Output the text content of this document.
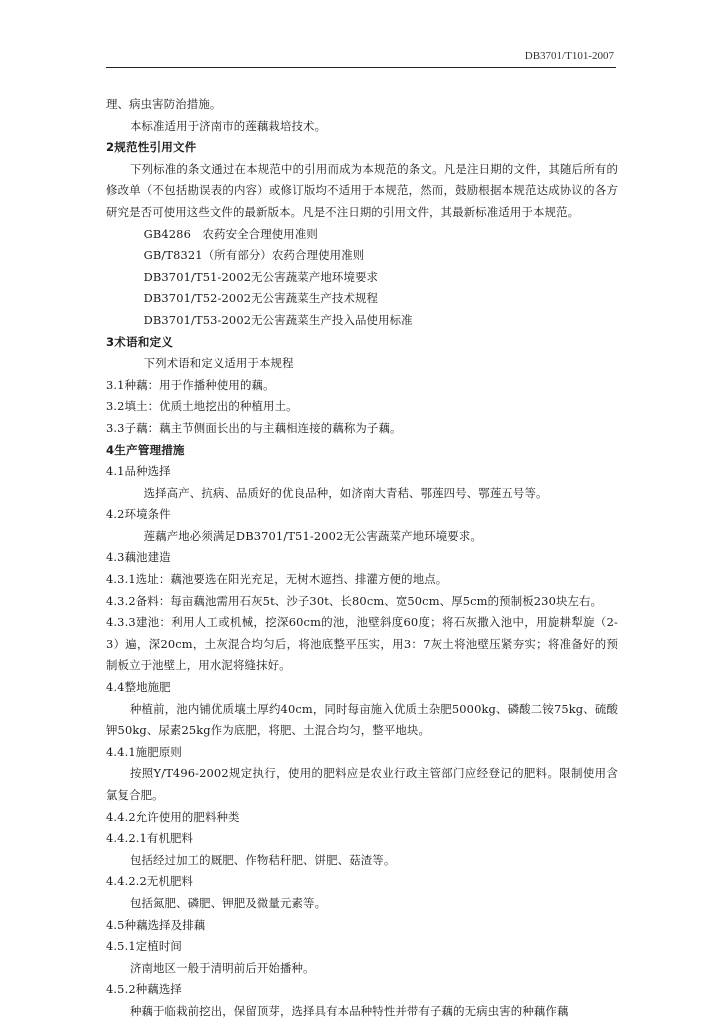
DB3701/T101-2007

理、病虫害防治措施。

本标准适用于济南市的莲藕栽培技术。

2规范性引用文件

下列标准的条文通过在本规范中的引用而成为本规范的条文。凡是注日期的文件，其随后所有的修改单（不包括勘误表的内容）或修订版均不适用于本规范，然而，鼓励根据本规范达成协议的各方研究是否可使用这些文件的最新版本。凡是不注日期的引用文件，其最新标准适用于本规范。

GB4286　农药安全合理使用准则

GB/T8321（所有部分）农药合理使用准则

DB3701/T51-2002无公害蔬菜产地环境要求

DB3701/T52-2002无公害蔬菜生产技术规程

DB3701/T53-2002无公害蔬菜生产投入品使用标准

3术语和定义

下列术语和定义适用于本规程

3.1种藕：用于作播种使用的藕。

3.2填土：优质土地挖出的种植用土。

3.3子藕：藕主节侧面长出的与主藕相连接的藕称为子藕。

4生产管理措施

4.1品种选择

选择高产、抗病、品质好的优良品种，如济南大青秸、鄂莲四号、鄂莲五号等。

4.2环境条件

莲藕产地必须满足DB3701/T51-2002无公害蔬菜产地环境要求。

4.3藕池建造

4.3.1选址：藕池要选在阳光充足，无树木遮挡、排灌方便的地点。

4.3.2备料：每亩藕池需用石灰5t、沙子30t、长80cm、宽50cm、厚5cm的预制板230块左右。

4.3.3建池：利用人工或机械，挖深60cm的池，池壁斜度60度；将石灰撒入池中，用旋耕犁旋（2-3）遍，深20cm，土灰混合均匀后，将池底整平压实，用3：7灰土将池壁压紧夯实；将准备好的预制板立于池壁上，用水泥将缝抹好。

4.4整地施肥

种植前，池内铺优质壤土厚约40cm，同时每亩施入优质土杂肥5000kg、磷酸二铵75kg、硫酸钾50kg、尿素25kg作为底肥，将肥、土混合均匀，整平地块。

4.4.1施肥原则

按照Y/T496-2002规定执行，使用的肥料应是农业行政主管部门应经登记的肥料。限制使用含氯复合肥。

4.4.2允许使用的肥料种类

4.4.2.1有机肥料

包括经过加工的厩肥、作物秸秆肥、饼肥、菇渣等。

4.4.2.2无机肥料

包括氮肥、磷肥、钾肥及微量元素等。

4.5种藕选择及排藕

4.5.1定植时间

济南地区一般于清明前后开始播种。

4.5.2种藕选择

种藕于临栽前挖出，保留顶芽，选择具有本品种特性并带有子藕的无病虫害的种藕作藕
